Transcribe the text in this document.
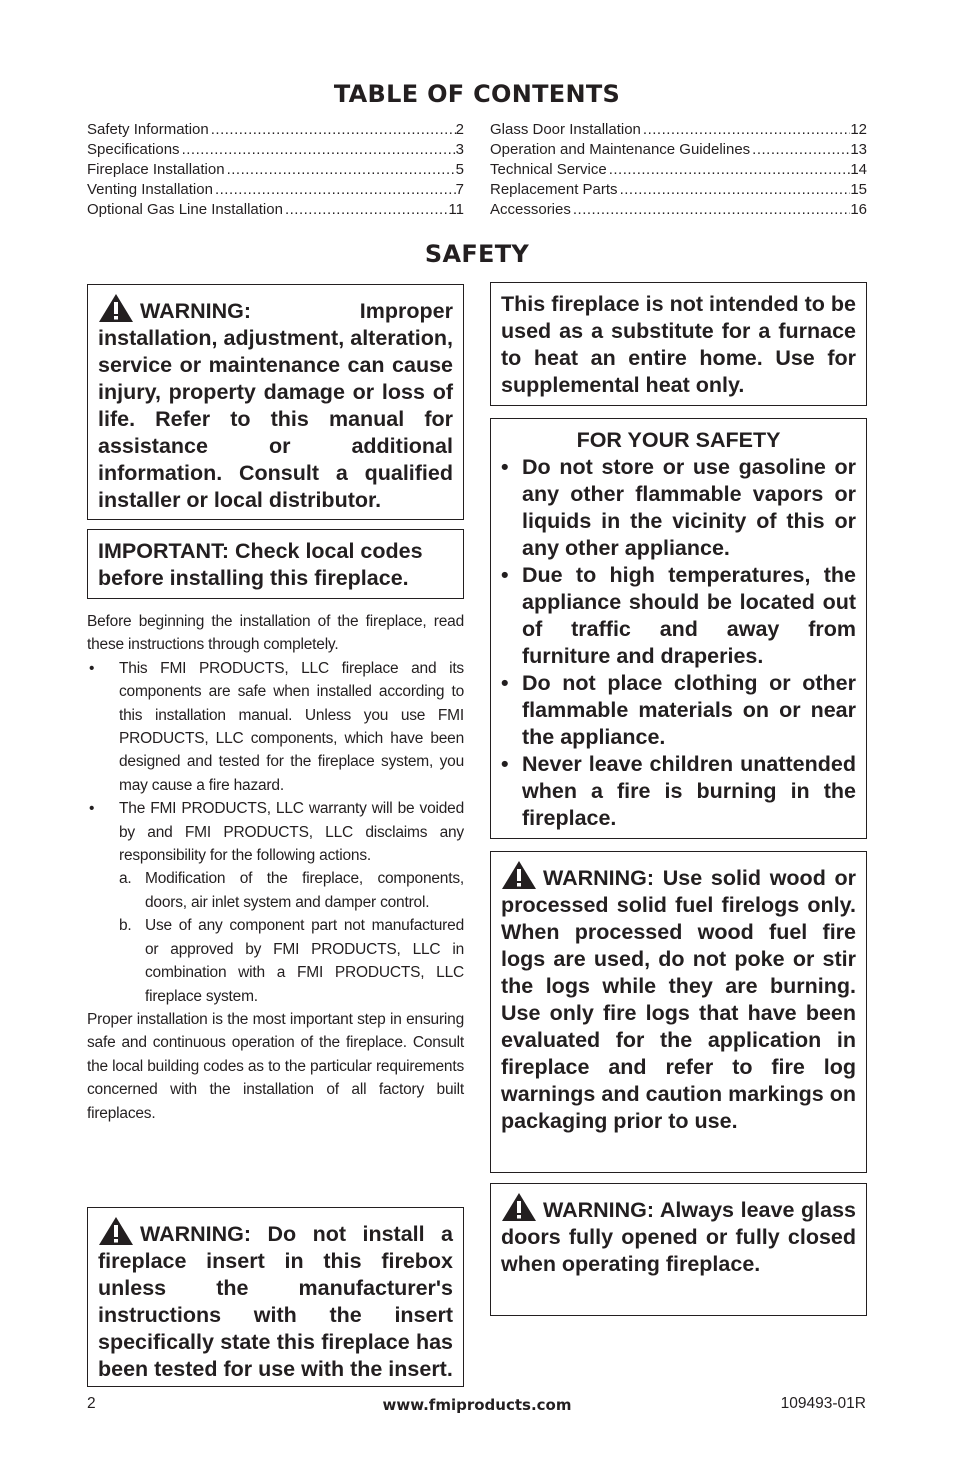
TABLE OF CONTENTS
Safety Information .....	2
Specifications .....	3
Fireplace Installation .....	5
Venting Installation .....	7
Optional Gas Line Installation .....	11
Glass Door Installation .....	12
Operation and Maintenance Guidelines .....	13
Technical Service .....	14
Replacement Parts .....	15
Accessories .....	16
SAFETY

WARNING: Improper installation, adjustment, alteration, service or maintenance can cause injury, property damage or loss of life. Refer to this manual for assistance or additional information. Consult a qualified installer or local distributor.

IMPORTANT: Check local codes before installing this fireplace.

Before beginning the installation of the fireplace, read these instructions through completely.

• This FMI PRODUCTS, LLC fireplace and its components are safe when installed according to this installation manual. Unless you use FMI PRODUCTS, LLC components, which have been designed and tested for the fireplace system, you may cause a fire hazard.
• The FMI PRODUCTS, LLC warranty will be voided by and FMI PRODUCTS, LLC disclaims any responsibility for the following actions.
a. Modification of the fireplace, components, doors, air inlet system and damper control.
b. Use of any component part not manufactured or approved by FMI PRODUCTS, LLC in combination with a FMI PRODUCTS, LLC fireplace system.

Proper installation is the most important step in ensuring safe and continuous operation of the fireplace. Consult the local building codes as to the particular requirements concerned with the installation of all factory built fireplaces.

WARNING: Do not install a fireplace insert in this firebox unless the manufacturer's instructions with the insert specifically state this fireplace has been tested for use with the insert.

This fireplace is not intended to be used as a substitute for a furnace to heat an entire home. Use for supplemental heat only.

FOR YOUR SAFETY

• Do not store or use gasoline or any other flammable vapors or liquids in the vicinity of this or any other appliance.
• Due to high temperatures, the appliance should be located out of traffic and away from furniture and draperies.
• Do not place clothing or other flammable materials on or near the appliance.
• Never leave children unattended when a fire is burning in the fireplace.

WARNING: Use solid wood or processed solid fuel firelogs only. When processed wood fuel fire logs are used, do not poke or stir the logs while they are burning. Use only fire logs that have been evaluated for the application in fireplace and refer to fire log warnings and caution markings on packaging prior to use.

WARNING: Always leave glass doors fully opened or fully closed when operating fireplace.

2	www.fmiproducts.com	109493-01R
